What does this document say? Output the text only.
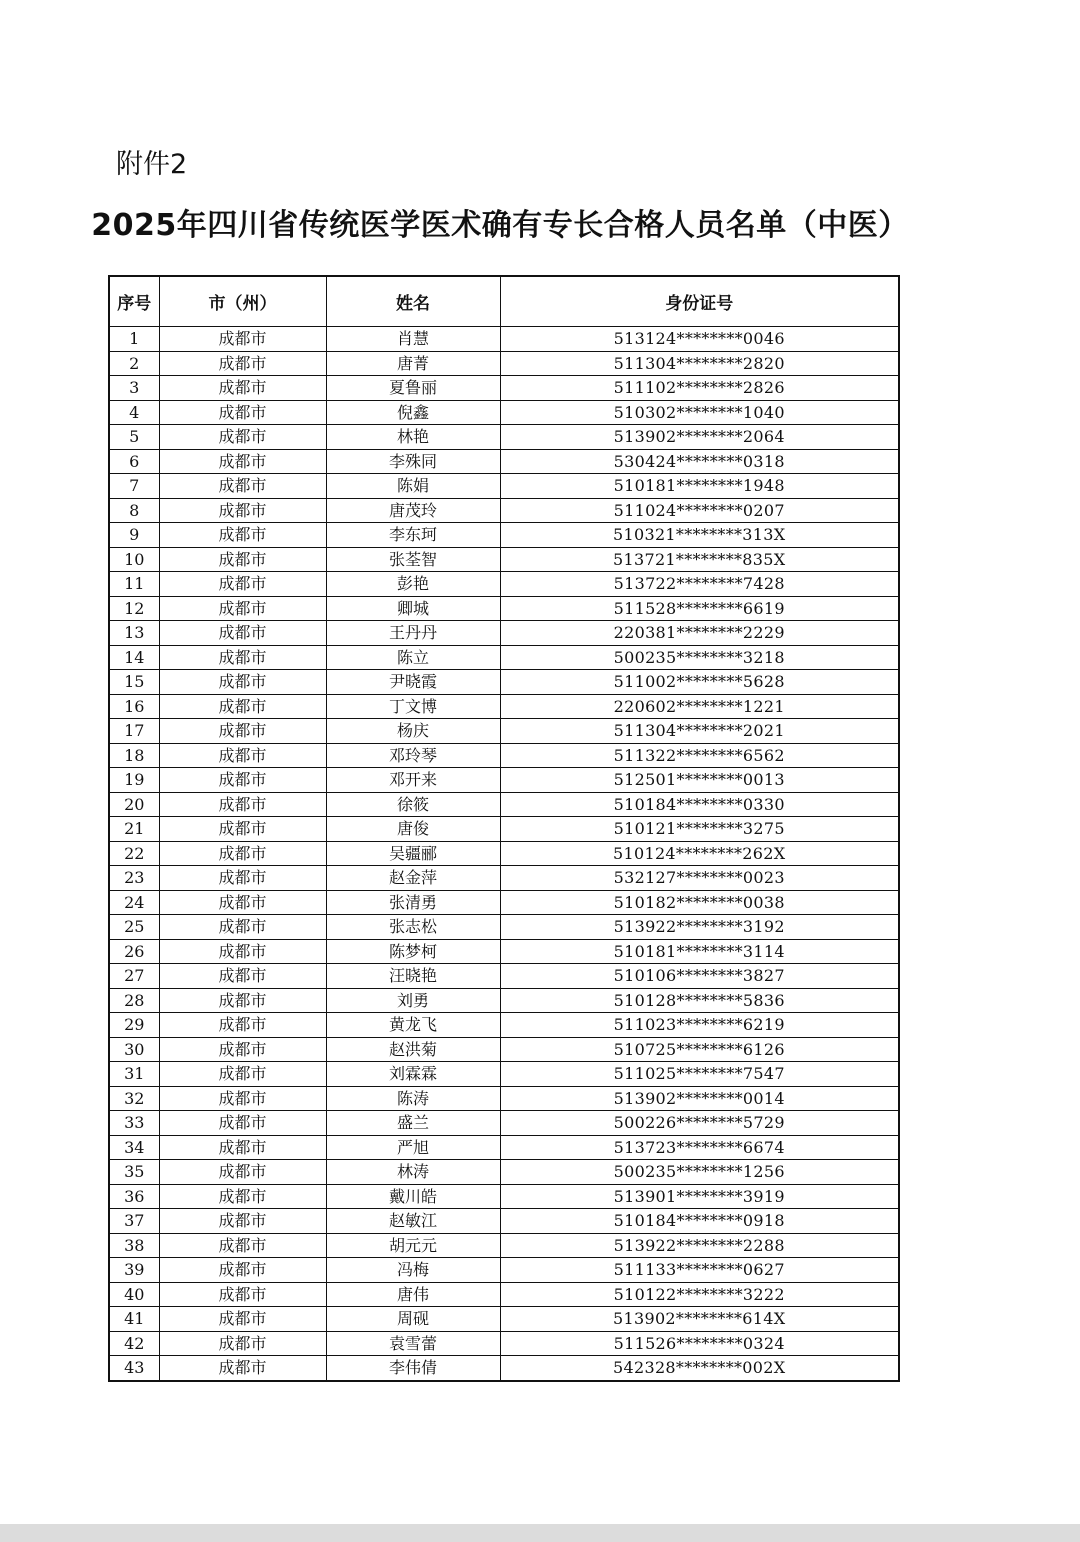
附件2
2025年四川省传统医学医术确有专长合格人员名单（中医）
序号	市（州）	姓名	身份证号
1	成都市	肖慧	513124********0046
2	成都市	唐菁	511304********2820
3	成都市	夏鲁丽	511102********2826
4	成都市	倪鑫	510302********1040
5	成都市	林艳	513902********2064
6	成都市	李殊同	530424********0318
7	成都市	陈娟	510181********1948
8	成都市	唐茂玲	511024********0207
9	成都市	李东珂	510321********313X
10	成都市	张荃智	513721********835X
11	成都市	彭艳	513722********7428
12	成都市	卿城	511528********6619
13	成都市	王丹丹	220381********2229
14	成都市	陈立	500235********3218
15	成都市	尹晓霞	511002********5628
16	成都市	丁文博	220602********1221
17	成都市	杨庆	511304********2021
18	成都市	邓玲琴	511322********6562
19	成都市	邓开来	512501********0013
20	成都市	徐筱	510184********0330
21	成都市	唐俊	510121********3275
22	成都市	吴疆郦	510124********262X
23	成都市	赵金萍	532127********0023
24	成都市	张清勇	510182********0038
25	成都市	张志松	513922********3192
26	成都市	陈梦柯	510181********3114
27	成都市	汪晓艳	510106********3827
28	成都市	刘勇	510128********5836
29	成都市	黄龙飞	511023********6219
30	成都市	赵洪菊	510725********6126
31	成都市	刘霖霖	511025********7547
32	成都市	陈涛	513902********0014
33	成都市	盛兰	500226********5729
34	成都市	严旭	513723********6674
35	成都市	林涛	500235********1256
36	成都市	戴川皓	513901********3919
37	成都市	赵敏江	510184********0918
38	成都市	胡元元	513922********2288
39	成都市	冯梅	511133********0627
40	成都市	唐伟	510122********3222
41	成都市	周砚	513902********614X
42	成都市	袁雪蕾	511526********0324
43	成都市	李伟倩	542328********002X
